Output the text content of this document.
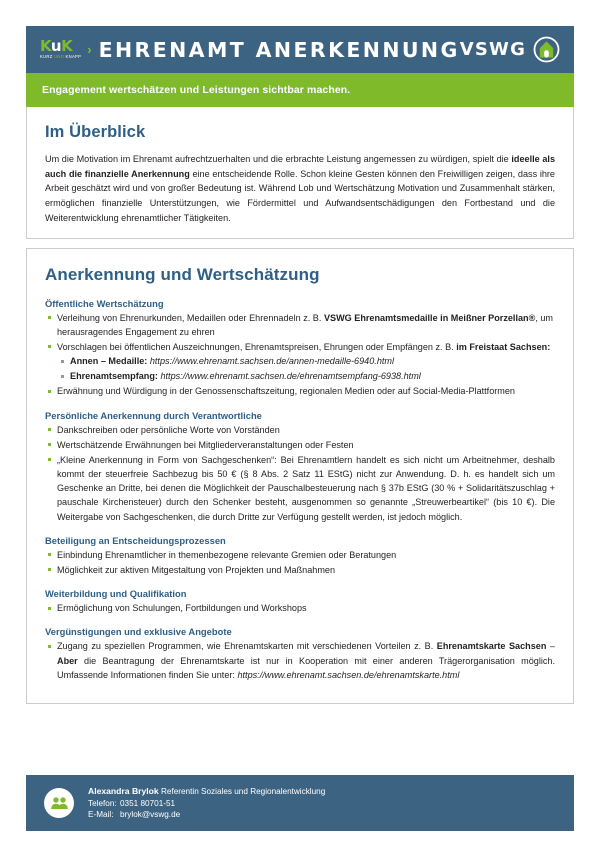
KuK
KURZ UND KNAPP › EHRENAMT ANERKENNUNG VSWG
Engagement wertschätzen und Leistungen sichtbar machen.
Im Überblick

Um die Motivation im Ehrenamt aufrechtzuerhalten und die erbrachte Leistung angemessen zu würdigen, spielt die ideelle als auch die finanzielle Anerkennung eine entscheidende Rolle. Schon kleine Gesten können den Freiwilligen zeigen, dass ihre Arbeit geschätzt wird und von großer Bedeutung ist. Während Lob und Wertschätzung Motivation und Zusammenhalt stärken, ermöglichen finanzielle Unterstützungen, wie Fördermittel und Aufwandsentschädigungen den Fortbestand und die Weiterentwicklung ehrenamtlicher Tätigkeiten.

Anerkennung und Wertschätzung
Öffentliche Wertschätzung
Verleihung von Ehrenurkunden, Medaillen oder Ehrennadeln z. B. VSWG Ehrenamtsmedaille in Meißner Porzellan®, um herausragendes Engagement zu ehren
Vorschlagen bei öffentlichen Auszeichnungen, Ehrenamtspreisen, Ehrungen oder Empfängen z. B. im Freistaat Sachsen:
Annen – Medaille: https://www.ehrenamt.sachsen.de/annen-medaille-6940.html
Ehrenamtsempfang: https://www.ehrenamt.sachsen.de/ehrenamtsempfang-6938.html
Erwähnung und Würdigung in der Genossenschaftszeitung, regionalen Medien oder auf Social-Media-Plattformen
Persönliche Anerkennung durch Verantwortliche
Dankschreiben oder persönliche Worte von Vorständen
Wertschätzende Erwähnungen bei Mitgliederveranstaltungen oder Festen
„Kleine Anerkennung in Form von Sachgeschenken“: Bei Ehrenamtlern handelt es sich nicht um Arbeitnehmer, deshalb kommt der steuerfreie Sachbezug bis 50 € (§ 8 Abs. 2 Satz 11 EStG) nicht zur Anwendung. D. h. es handelt sich um Geschenke an Dritte, bei denen die Möglichkeit der Pauschalbesteuerung nach § 37b EStG (30 % + Solidaritätszuschlag + pauschale Kirchensteuer) durch den Schenker besteht, ausgenommen so genannte „Streuwerbeartikel“ (bis 10 €). Die Weitergabe von Sachgeschenken, die durch Dritte zur Verfügung gestellt werden, ist jedoch möglich.
Beteiligung an Entscheidungsprozessen
Einbindung Ehrenamtlicher in themenbezogene relevante Gremien oder Beratungen
Möglichkeit zur aktiven Mitgestaltung von Projekten und Maßnahmen
Weiterbildung und Qualifikation
Ermöglichung von Schulungen, Fortbildungen und Workshops
Vergünstigungen und exklusive Angebote
Zugang zu speziellen Programmen, wie Ehrenamtskarten mit verschiedenen Vorteilen z. B. Ehrenamtskarte Sachsen – Aber die Beantragung der Ehrenamtskarte ist nur in Kooperation mit einer anderen Trägerorganisation möglich. Umfassende Informationen finden Sie unter: https://www.ehrenamt.sachsen.de/ehrenamtskarte.html
Alexandra Brylok Referentin Soziales und Regionalentwicklung
Telefon: 0351 80701-51
E-Mail: brylok@vswg.de
